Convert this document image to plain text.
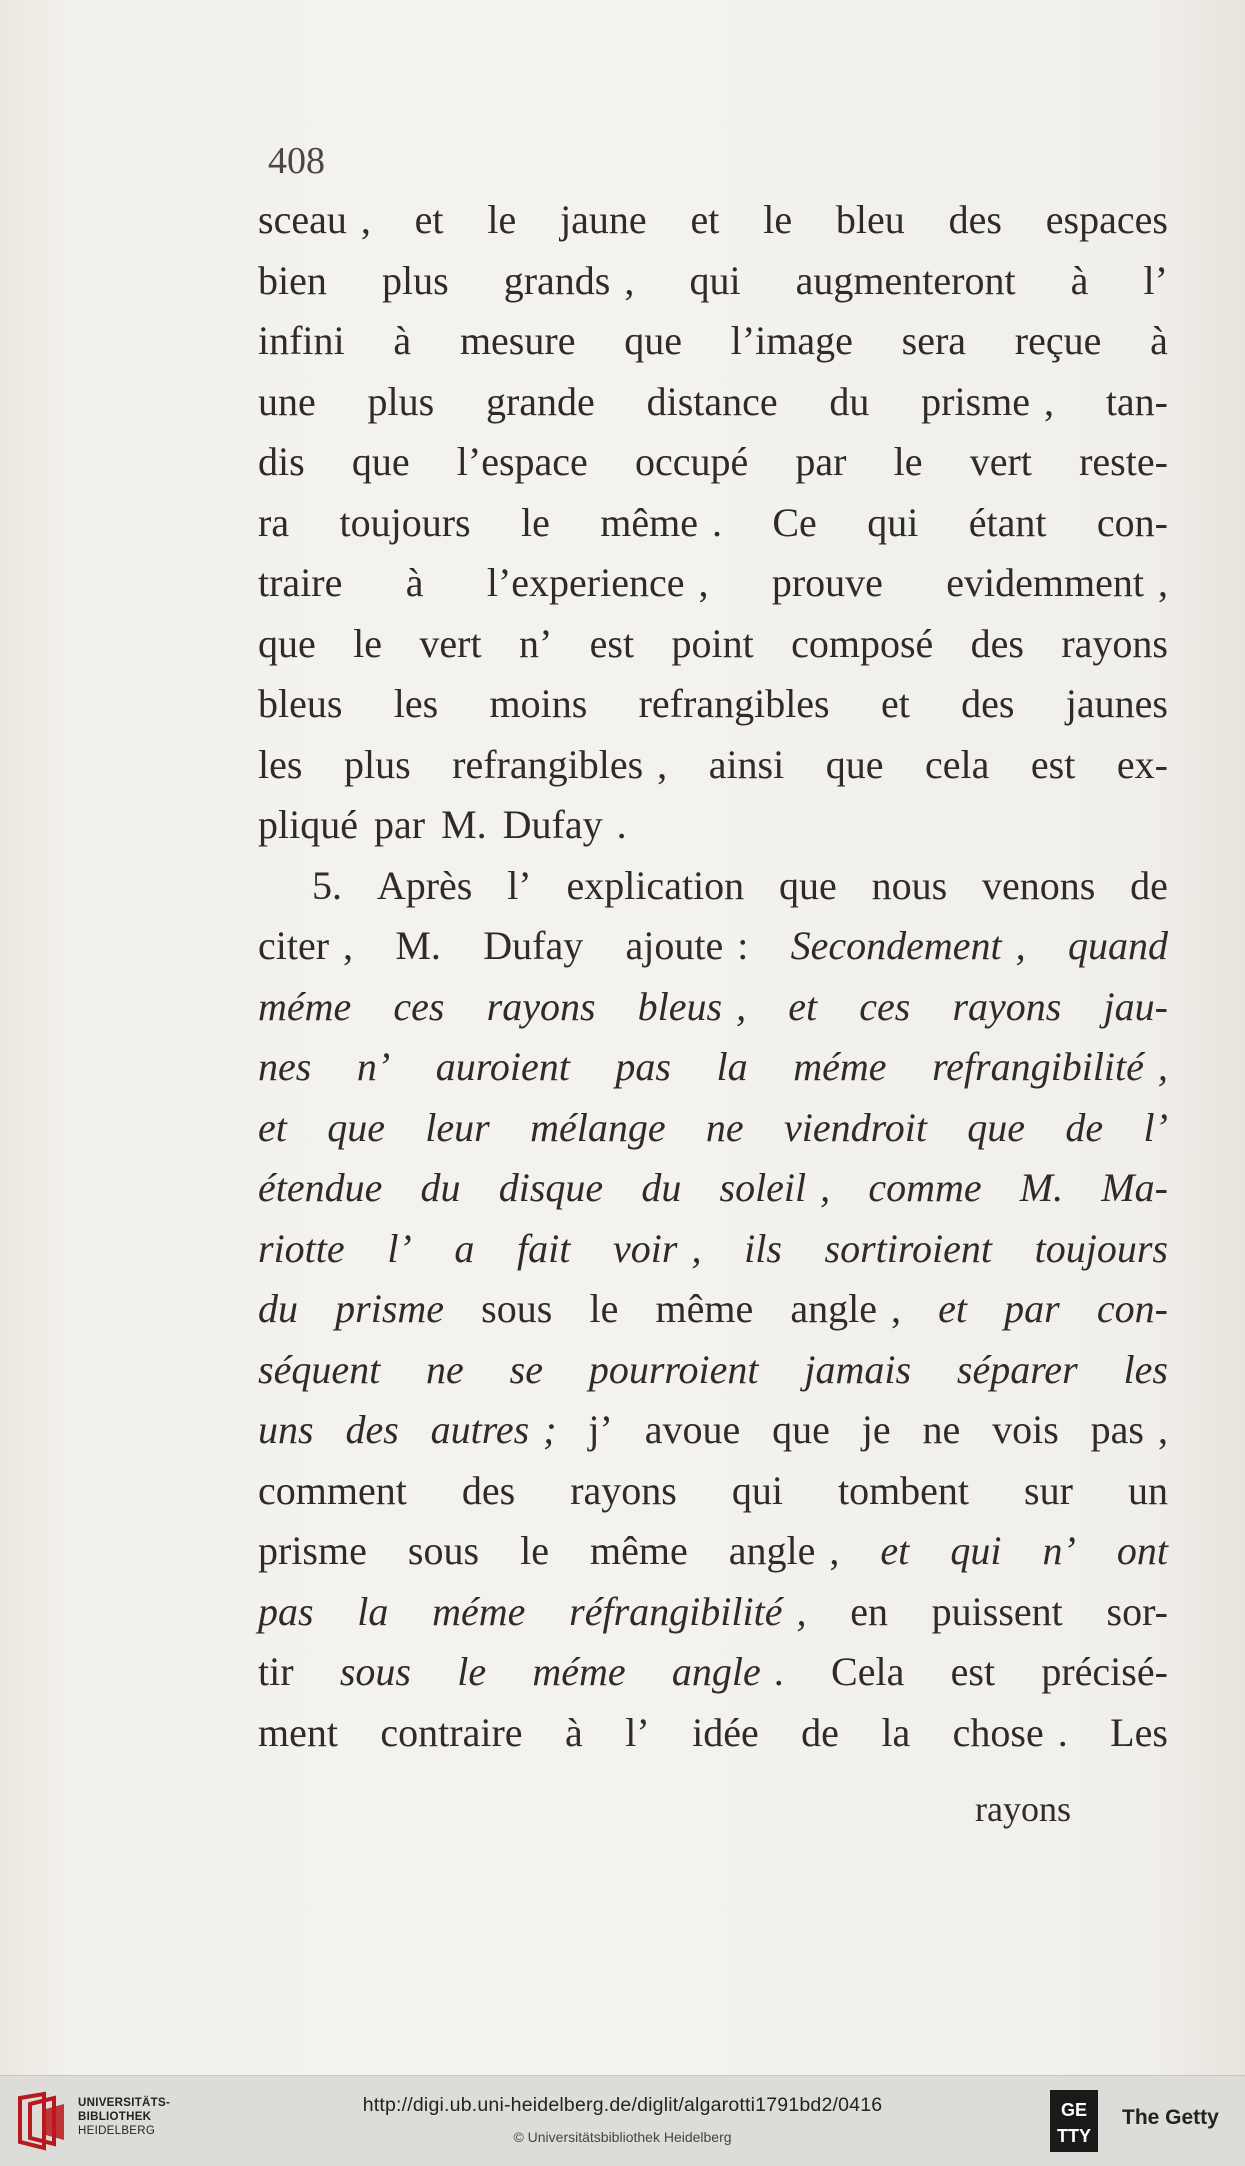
408
sceau , et le jaune et le bleu des espaces
bien plus grands , qui augmenteront à l’
infini à mesure que l’image sera reçue à
une plus grande distance du prisme , tan-
dis que l’espace occupé par le vert reste-
ra toujours le même . Ce qui étant con-
traire à l’experience , prouve evidemment ,
que le vert n’ est point composé des rayons
bleus les moins refrangibles et des jaunes
les plus refrangibles , ainsi que cela est ex-
pliqué par M. Dufay .
5. Après l’ explication que nous venons de
citer , M. Dufay ajoute : Secondement , quand
méme ces rayons bleus , et ces rayons jau-
nes n’ auroient pas la méme refrangibilité ,
et que leur mélange ne viendroit que de l’
étendue du disque du soleil , comme M. Ma-
riotte l’ a fait voir , ils sortiroient toujours
du prisme sous le même angle , et par con-
séquent ne se pourroient jamais séparer les
uns des autres ; j’ avoue que je ne vois pas ,
comment des rayons qui tombent sur un
prisme sous le même angle , et qui n’ ont
pas la méme réfrangibilité , en puissent sor-
tir sous le méme angle . Cela est précisé-
ment contraire à l’ idée de la chose . Les
rayons
UNIVERSITÄTS-
BIBLIOTHEK
HEIDELBERG
http://digi.ub.uni-heidelberg.de/diglit/algarotti1791bd2/0416
© Universitätsbibliothek Heidelberg
GE
TTY
The Getty
